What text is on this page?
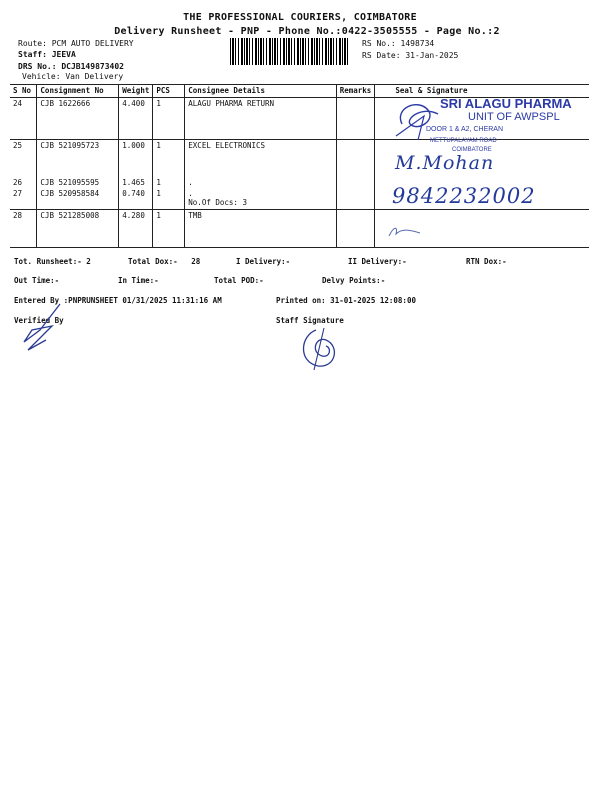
THE PROFESSIONAL COURIERS, COIMBATORE
Delivery Runsheet - PNP - Phone No.:0422-3505555 - Page No.:2
Route: PCM AUTO DELIVERY
Staff: JEEVA
DRS No.: DCJB149873402
Vehicle: Van Delivery
RS No.: 1498734
RS Date: 31-Jan-2025
S No	Consignment No	Weight	PCS	Consignee Details	Remarks	Seal & Signature
24	CJB 1622666	4.400	1	ALAGU PHARMA RETURN		
25	CJB 521095723	1.000	1	EXCEL ELECTRONICS		
26	CJB 521095595	1.465	1	.		
27	CJB 520958584	0.740	1	.
No.Of Docs: 3		

28	CJB 521285008	4.280	1	TMB		
SRI ALAGU PHARMA
UNIT OF AWPSPL
DOOR 1 & A2, CHERAN
METTUPALAYAM ROAD
COIMBATORE
M.Mohan
9842232002
Tot. Runsheet:- 2	Total Dox:-   28	I Delivery:-	II Delivery:-	RTN Dox:-
Out Time:-	In Time:-	Total POD:-	Delvy Points:-
Entered By :PNPRUNSHEET 01/31/2025 11:31:16 AM	Printed on: 31-01-2025 12:08:00
Verified By	Staff Signature
